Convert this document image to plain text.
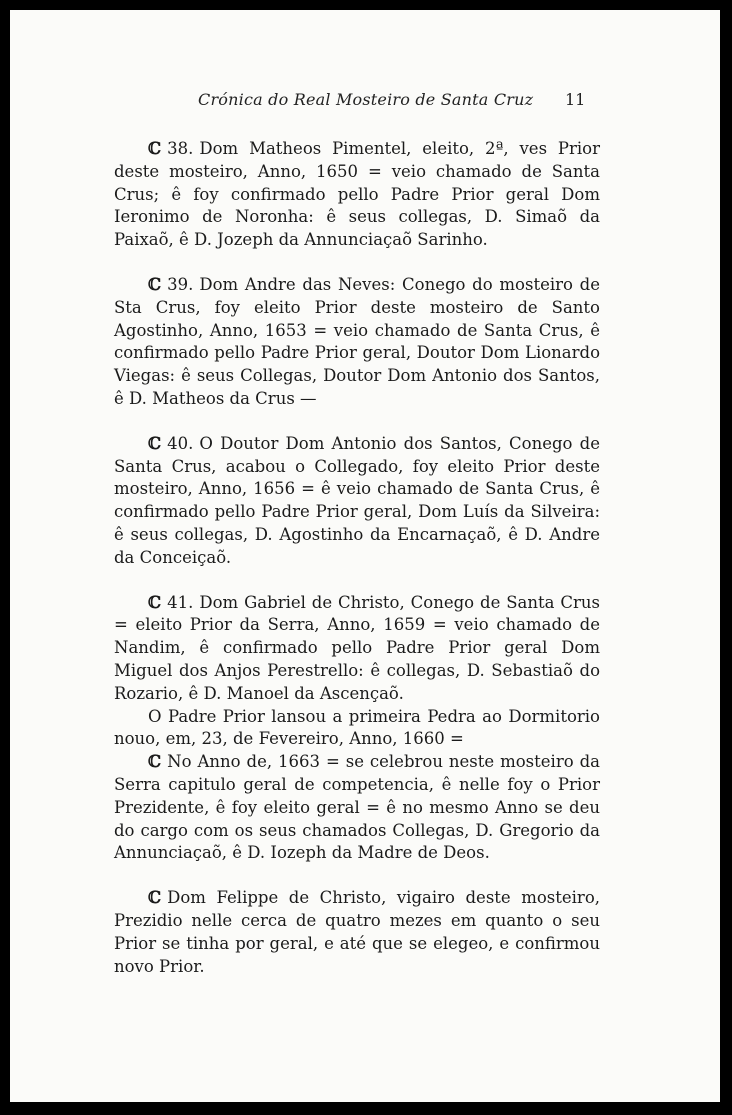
Crónica do Real Mosteiro de Santa Cruz 11

ℂ 38. Dom Matheos Pimentel, eleito, 2ª, ves Prior deste mosteiro, Anno, 1650 = veio chamado de Santa Crus; ê foy confirmado pello Padre Prior geral Dom Ieronimo de Noronha: ê seus collegas, D. Simaõ da Paixaõ, ê D. Jozeph da Annunciaçaõ Sarinho.

ℂ 39. Dom Andre das Neves: Conego do mosteiro de Sta Crus, foy eleito Prior deste mosteiro de Santo Agostinho, Anno, 1653 = veio chamado de Santa Crus, ê confirmado pello Padre Prior geral, Doutor Dom Lionardo Viegas: ê seus Collegas, Doutor Dom Antonio dos Santos, ê D. Matheos da Crus —

ℂ 40. O Doutor Dom Antonio dos Santos, Conego de Santa Crus, acabou o Collegado, foy eleito Prior deste mosteiro, Anno, 1656 = ê veio chamado de Santa Crus, ê confirmado pello Padre Prior geral, Dom Luís da Silveira: ê seus collegas, D. Agostinho da Encarnaçaõ, ê D. Andre da Conceiçaõ.

ℂ 41. Dom Gabriel de Christo, Conego de Santa Crus = eleito Prior da Serra, Anno, 1659 = veio chamado de Nandim, ê confirmado pello Padre Prior geral Dom Miguel dos Anjos Perestrello: ê collegas, D. Sebastiaõ do Rozario, ê D. Manoel da Ascençaõ.

O Padre Prior lansou a primeira Pedra ao Dormitorio nouo, em, 23, de Fevereiro, Anno, 1660 =

ℂ No Anno de, 1663 = se celebrou neste mosteiro da Serra capitulo geral de competencia, ê nelle foy o Prior Prezidente, ê foy eleito geral = ê no mesmo Anno se deu do cargo com os seus chamados Collegas, D. Gregorio da Annunciaçaõ, ê D. Iozeph da Madre de Deos.

ℂ Dom Felippe de Christo, vigairo deste mosteiro, Prezidio nelle cerca de quatro mezes em quanto o seu Prior se tinha por geral, e até que se elegeo, e confirmou novo Prior.
